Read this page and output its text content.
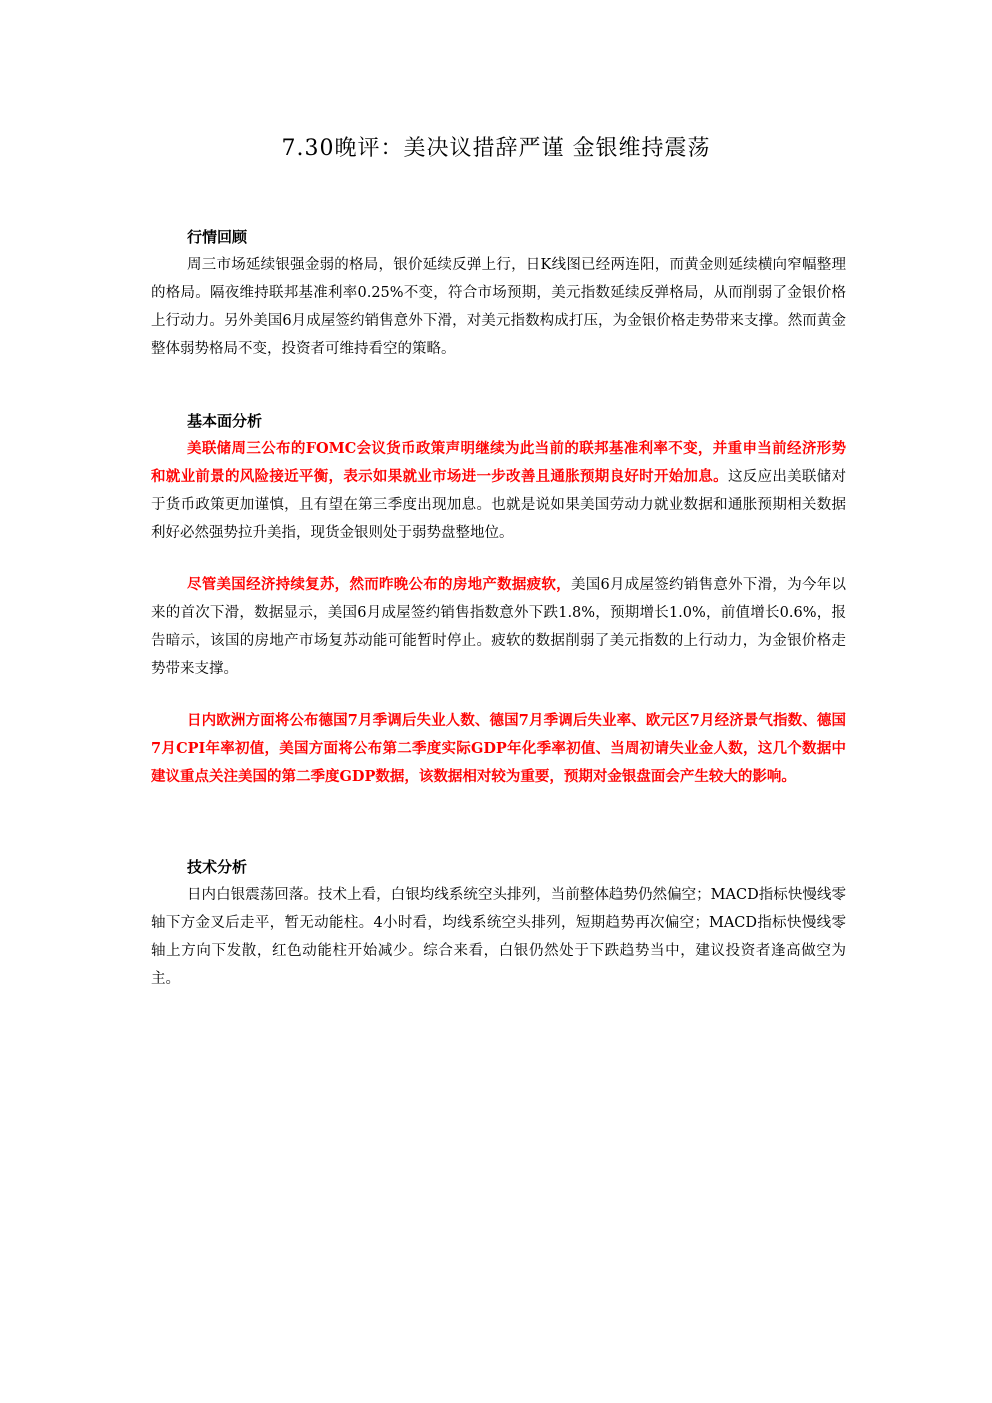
7.30晚评：美决议措辞严谨 金银维持震荡
行情回顾

周三市场延续银强金弱的格局，银价延续反弹上行，日K线图已经两连阳，而黄金则延续横向窄幅整理的格局。隔夜维持联邦基准利率0.25%不变，符合市场预期，美元指数延续反弹格局，从而削弱了金银价格上行动力。另外美国6月成屋签约销售意外下滑，对美元指数构成打压，为金银价格走势带来支撑。然而黄金整体弱势格局不变，投资者可维持看空的策略。

基本面分析

美联储周三公布的FOMC会议货币政策声明继续为此当前的联邦基准利率不变，并重申当前经济形势和就业前景的风险接近平衡，表示如果就业市场进一步改善且通胀预期良好时开始加息。这反应出美联储对于货币政策更加谨慎，且有望在第三季度出现加息。也就是说如果美国劳动力就业数据和通胀预期相关数据利好必然强势拉升美指，现货金银则处于弱势盘整地位。

尽管美国经济持续复苏，然而昨晚公布的房地产数据疲软，美国6月成屋签约销售意外下滑，为今年以来的首次下滑，数据显示，美国6月成屋签约销售指数意外下跌1.8%，预期增长1.0%，前值增长0.6%，报告暗示，该国的房地产市场复苏动能可能暂时停止。疲软的数据削弱了美元指数的上行动力，为金银价格走势带来支撑。

日内欧洲方面将公布德国7月季调后失业人数、德国7月季调后失业率、欧元区7月经济景气指数、德国7月CPI年率初值，美国方面将公布第二季度实际GDP年化季率初值、当周初请失业金人数，这几个数据中建议重点关注美国的第二季度GDP数据，该数据相对较为重要，预期对金银盘面会产生较大的影响。

技术分析

日内白银震荡回落。技术上看，白银均线系统空头排列，当前整体趋势仍然偏空；MACD指标快慢线零轴下方金叉后走平，暂无动能柱。4小时看，均线系统空头排列，短期趋势再次偏空；MACD指标快慢线零轴上方向下发散，红色动能柱开始减少。综合来看，白银仍然处于下跌趋势当中，建议投资者逢高做空为主。
